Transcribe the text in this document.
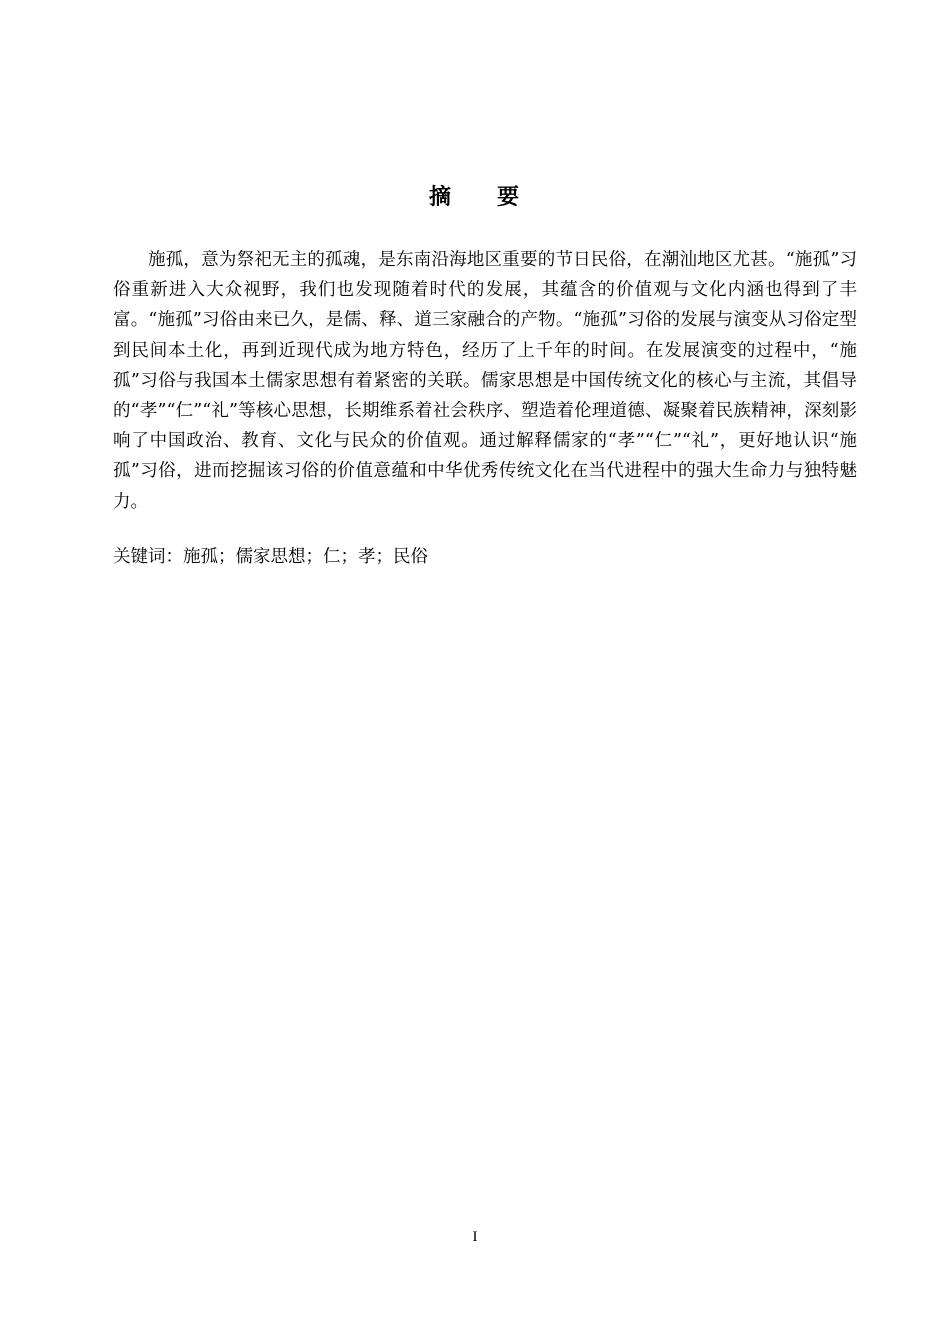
摘 要

施孤，意为祭祀无主的孤魂，是东南沿海地区重要的节日民俗，在潮汕地区尤甚。“施孤”习俗重新进入大众视野，我们也发现随着时代的发展，其蕴含的价值观与文化内涵也得到了丰富。“施孤”习俗由来已久，是儒、释、道三家融合的产物。“施孤”习俗的发展与演变从习俗定型到民间本土化，再到近现代成为地方特色，经历了上千年的时间。在发展演变的过程中，“施孤”习俗与我国本土儒家思想有着紧密的关联。儒家思想是中国传统文化的核心与主流，其倡导的“孝”“仁”“礼”等核心思想，长期维系着社会秩序、塑造着伦理道德、凝聚着民族精神，深刻影响了中国政治、教育、文化与民众的价值观。通过解释儒家的“孝”“仁”“礼”，更好地认识“施孤”习俗，进而挖掘该习俗的价值意蕴和中华优秀传统文化在当代进程中的强大生命力与独特魅力。

关键词：施孤；儒家思想；仁；孝；民俗
I
